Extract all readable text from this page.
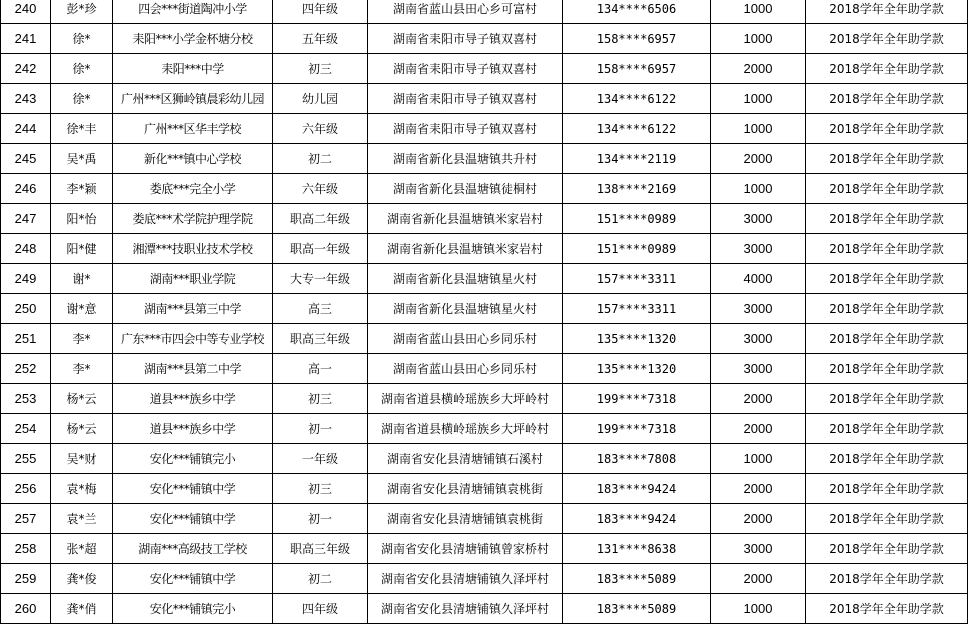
240	彭*珍	四会***街道陶冲小学	四年级	湖南省蓝山县田心乡可富村	134****6506	1000	2018学年全年助学款
241	徐*	耒阳***小学金杯塘分校	五年级	湖南省耒阳市导子镇双喜村	158****6957	1000	2018学年全年助学款
242	徐*	耒阳***中学	初三	湖南省耒阳市导子镇双喜村	158****6957	2000	2018学年全年助学款
243	徐*	广州***区狮岭镇晨彩幼儿园	幼儿园	湖南省耒阳市导子镇双喜村	134****6122	1000	2018学年全年助学款
244	徐*丰	广州***区华丰学校	六年级	湖南省耒阳市导子镇双喜村	134****6122	1000	2018学年全年助学款
245	吴*禹	新化***镇中心学校	初二	湖南省新化县温塘镇共升村	134****2119	2000	2018学年全年助学款
246	李*颖	娄底***完全小学	六年级	湖南省新化县温塘镇徒桐村	138****2169	1000	2018学年全年助学款
247	阳*怡	娄底***术学院护理学院	职高二年级	湖南省新化县温塘镇米家岩村	151****0989	3000	2018学年全年助学款
248	阳*健	湘潭***技职业技术学校	职高一年级	湖南省新化县温塘镇米家岩村	151****0989	3000	2018学年全年助学款
249	谢*	湖南***职业学院	大专一年级	湖南省新化县温塘镇星火村	157****3311	4000	2018学年全年助学款
250	谢*意	湖南***县第三中学	高三	湖南省新化县温塘镇星火村	157****3311	3000	2018学年全年助学款
251	李*	广东***市四会中等专业学校	职高三年级	湖南省蓝山县田心乡同乐村	135****1320	3000	2018学年全年助学款
252	李*	湖南***县第二中学	高一	湖南省蓝山县田心乡同乐村	135****1320	3000	2018学年全年助学款
253	杨*云	道县***族乡中学	初三	湖南省道县横岭瑶族乡大坪岭村	199****7318	2000	2018学年全年助学款
254	杨*云	道县***族乡中学	初一	湖南省道县横岭瑶族乡大坪岭村	199****7318	2000	2018学年全年助学款
255	吴*财	安化***铺镇完小	一年级	湖南省安化县清塘铺镇石溪村	183****7808	1000	2018学年全年助学款
256	袁*梅	安化***铺镇中学	初三	湖南省安化县清塘铺镇袁桃街	183****9424	2000	2018学年全年助学款
257	袁*兰	安化***铺镇中学	初一	湖南省安化县清塘铺镇袁桃街	183****9424	2000	2018学年全年助学款
258	张*超	湖南***高级技工学校	职高三年级	湖南省安化县清塘铺镇曾家桥村	131****8638	3000	2018学年全年助学款
259	龚*俊	安化***铺镇中学	初二	湖南省安化县清塘铺镇久泽坪村	183****5089	2000	2018学年全年助学款
260	龚*俏	安化***铺镇完小	四年级	湖南省安化县清塘铺镇久泽坪村	183****5089	1000	2018学年全年助学款
